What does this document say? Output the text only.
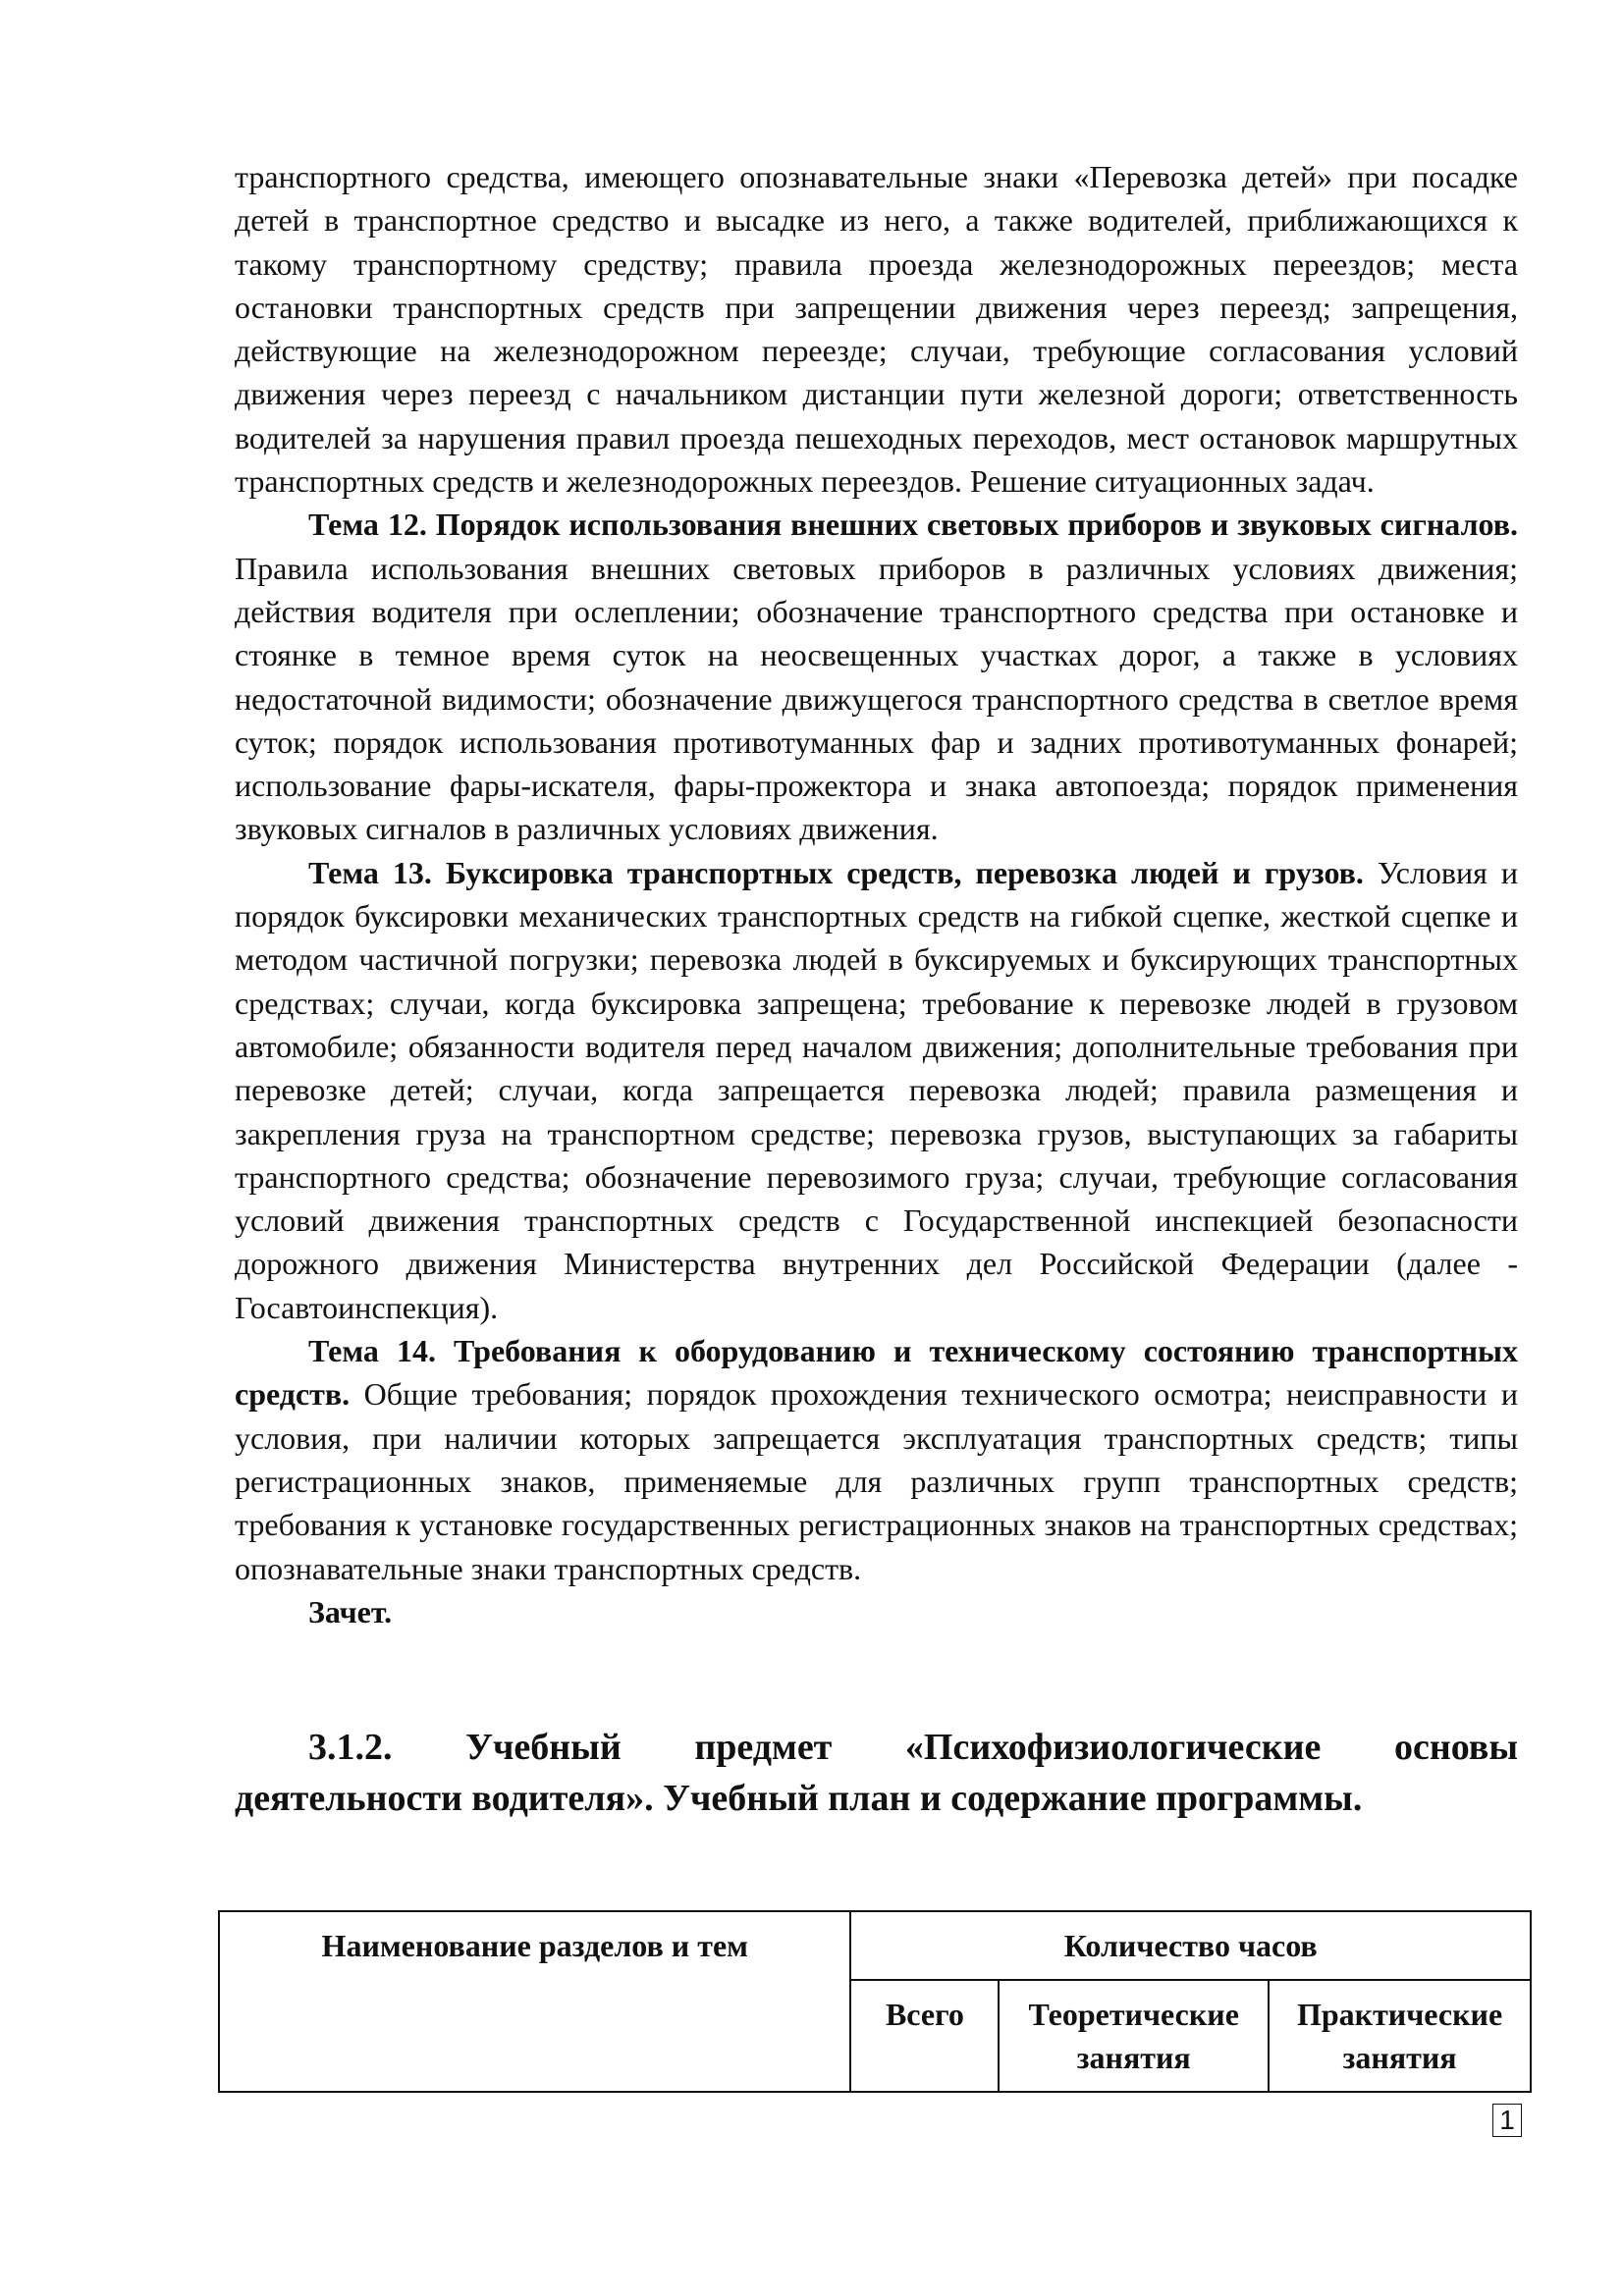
транспортного средства, имеющего опознавательные знаки «Перевозка детей» при посадке детей в транспортное средство и высадке из него, а также водителей, приближающихся к такому транспортному средству; правила проезда железнодорожных переездов; места остановки транспортных средств при запрещении движения через переезд; запрещения, действующие на железнодорожном переезде; случаи, требующие согласования условий движения через переезд с начальником дистанции пути железной дороги; ответственность водителей за нарушения правил проезда пешеходных переходов, мест остановок маршрутных транспортных средств и железнодорожных переездов. Решение ситуационных задач.

Тема 12. Порядок использования внешних световых приборов и звуковых сигналов. Правила использования внешних световых приборов в различных условиях движения; действия водителя при ослеплении; обозначение транспортного средства при остановке и стоянке в темное время суток на неосвещенных участках дорог, а также в условиях недостаточной видимости; обозначение движущегося транспортного средства в светлое время суток; порядок использования противотуманных фар и задних противотуманных фонарей; использование фары-искателя, фары-прожектора и знака автопоезда; порядок применения звуковых сигналов в различных условиях движения.

Тема 13. Буксировка транспортных средств, перевозка людей и грузов. Условия и порядок буксировки механических транспортных средств на гибкой сцепке, жесткой сцепке и методом частичной погрузки; перевозка людей в буксируемых и буксирующих транспортных средствах; случаи, когда буксировка запрещена; требование к перевозке людей в грузовом автомобиле; обязанности водителя перед началом движения; дополнительные требования при перевозке детей; случаи, когда запрещается перевозка людей; правила размещения и закрепления груза на транспортном средстве; перевозка грузов, выступающих за габариты транспортного средства; обозначение перевозимого груза; случаи, требующие согласования условий движения транспортных средств с Государственной инспекцией безопасности дорожного движения Министерства внутренних дел Российской Федерации (далее - Госавтоинспекция).

Тема 14. Требования к оборудованию и техническому состоянию транспортных средств. Общие требования; порядок прохождения технического осмотра; неисправности и условия, при наличии которых запрещается эксплуатация транспортных средств; типы регистрационных знаков, применяемые для различных групп транспортных средств; требования к установке государственных регистрационных знаков на транспортных средствах; опознавательные знаки транспортных средств.

Зачет.

3.1.2. Учебный предмет «Психофизиологические основы
деятельности водителя». Учебный план и содержание программы.
Наименование разделов и тем	Количество часов		
	Всего	Теоретические занятия	Практические занятия
1
